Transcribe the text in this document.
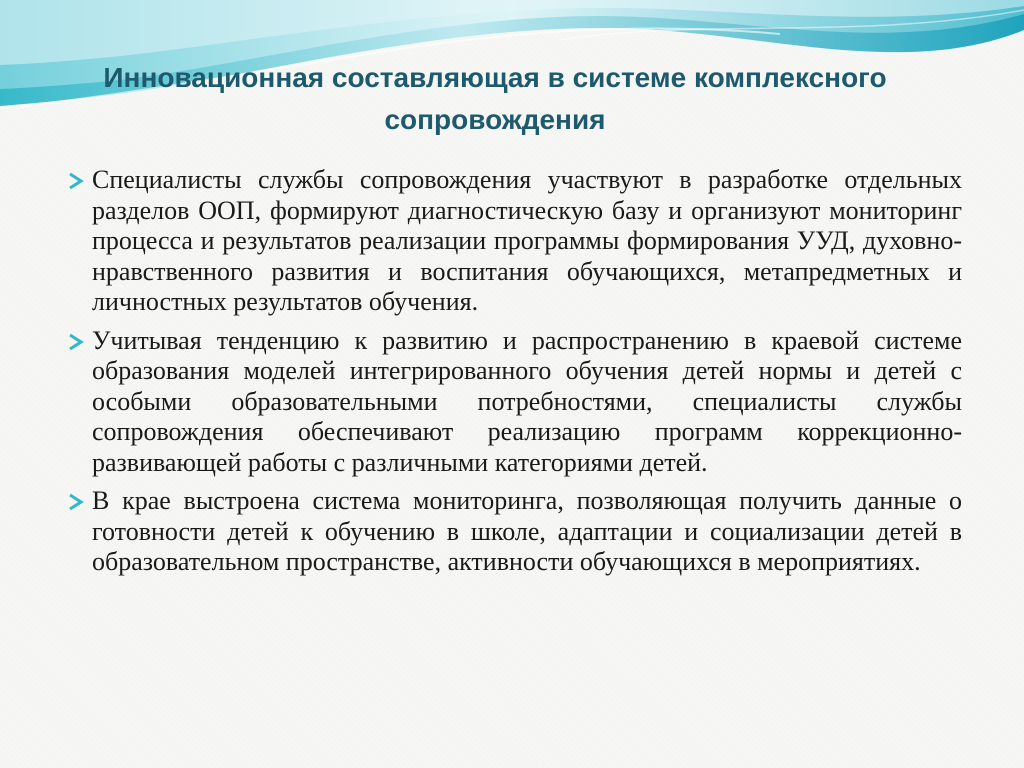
Инновационная составляющая в системе комплексного сопровождения

Специалисты службы сопровождения участвуют в разработке отдельных разделов ООП, формируют диагностическую базу и организуют мониторинг процесса и результатов реализации программы формирования УУД, духовно-нравственного развития и воспитания обучающихся, метапредметных и личностных результатов обучения.

Учитывая тенденцию к развитию и распространению в краевой системе образования моделей интегрированного обучения детей нормы и детей с особыми образовательными потребностями, специалисты службы сопровождения обеспечивают реализацию программ коррекционно-развивающей работы с различными категориями детей.

В крае выстроена система мониторинга, позволяющая получить данные о готовности детей к обучению в школе, адаптации и социализации детей в образовательном пространстве, активности обучающихся в мероприятиях.
